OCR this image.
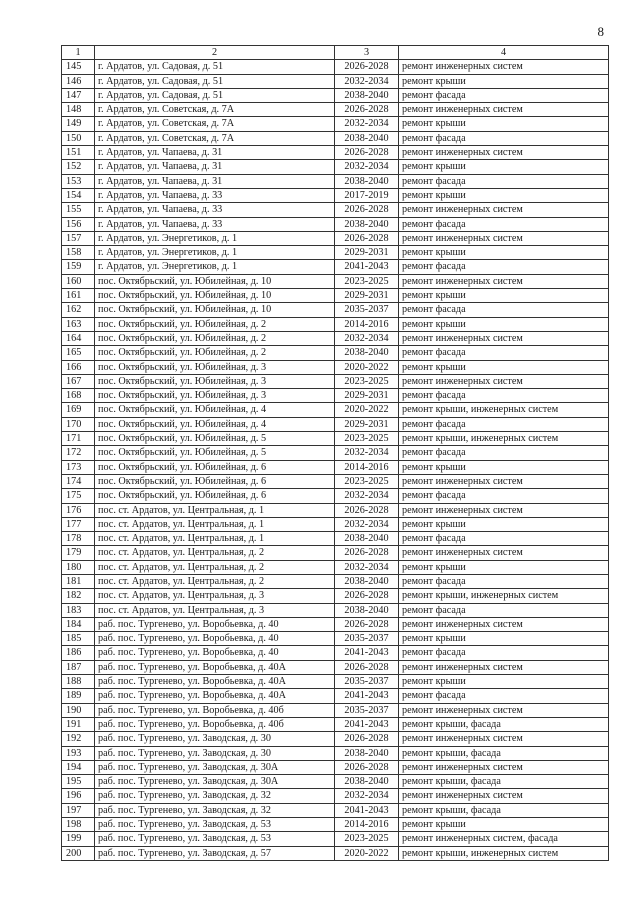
8
1	2	3	4
145	г. Ардатов, ул. Садовая, д. 51	2026-2028	ремонт инженерных систем
146	г. Ардатов, ул. Садовая, д. 51	2032-2034	ремонт крыши
147	г. Ардатов, ул. Садовая, д. 51	2038-2040	ремонт фасада
148	г. Ардатов, ул. Советская, д. 7А	2026-2028	ремонт инженерных систем
149	г. Ардатов, ул. Советская, д. 7А	2032-2034	ремонт крыши
150	г. Ардатов, ул. Советская, д. 7А	2038-2040	ремонт фасада
151	г. Ардатов, ул. Чапаева, д. 31	2026-2028	ремонт инженерных систем
152	г. Ардатов, ул. Чапаева, д. 31	2032-2034	ремонт крыши
153	г. Ардатов, ул. Чапаева, д. 31	2038-2040	ремонт фасада
154	г. Ардатов, ул. Чапаева, д. 33	2017-2019	ремонт крыши
155	г. Ардатов, ул. Чапаева, д. 33	2026-2028	ремонт инженерных систем
156	г. Ардатов, ул. Чапаева, д. 33	2038-2040	ремонт фасада
157	г. Ардатов, ул. Энергетиков, д. 1	2026-2028	ремонт инженерных систем
158	г. Ардатов, ул. Энергетиков, д. 1	2029-2031	ремонт крыши
159	г. Ардатов, ул. Энергетиков, д. 1	2041-2043	ремонт фасада
160	пос. Октябрьский, ул. Юбилейная, д. 10	2023-2025	ремонт инженерных систем
161	пос. Октябрьский, ул. Юбилейная, д. 10	2029-2031	ремонт крыши
162	пос. Октябрьский, ул. Юбилейная, д. 10	2035-2037	ремонт фасада
163	пос. Октябрьский, ул. Юбилейная, д. 2	2014-2016	ремонт крыши
164	пос. Октябрьский, ул. Юбилейная, д. 2	2032-2034	ремонт инженерных систем
165	пос. Октябрьский, ул. Юбилейная, д. 2	2038-2040	ремонт фасада
166	пос. Октябрьский, ул. Юбилейная, д. 3	2020-2022	ремонт крыши
167	пос. Октябрьский, ул. Юбилейная, д. 3	2023-2025	ремонт инженерных систем
168	пос. Октябрьский, ул. Юбилейная, д. 3	2029-2031	ремонт фасада
169	пос. Октябрьский, ул. Юбилейная, д. 4	2020-2022	ремонт крыши, инженерных систем
170	пос. Октябрьский, ул. Юбилейная, д. 4	2029-2031	ремонт фасада
171	пос. Октябрьский, ул. Юбилейная, д. 5	2023-2025	ремонт крыши, инженерных систем
172	пос. Октябрьский, ул. Юбилейная, д. 5	2032-2034	ремонт фасада
173	пос. Октябрьский, ул. Юбилейная, д. 6	2014-2016	ремонт крыши
174	пос. Октябрьский, ул. Юбилейная, д. 6	2023-2025	ремонт инженерных систем
175	пос. Октябрьский, ул. Юбилейная, д. 6	2032-2034	ремонт фасада
176	пос. ст. Ардатов, ул. Центральная, д. 1	2026-2028	ремонт инженерных систем
177	пос. ст. Ардатов, ул. Центральная, д. 1	2032-2034	ремонт крыши
178	пос. ст. Ардатов, ул. Центральная, д. 1	2038-2040	ремонт фасада
179	пос. ст. Ардатов, ул. Центральная, д. 2	2026-2028	ремонт инженерных систем
180	пос. ст. Ардатов, ул. Центральная, д. 2	2032-2034	ремонт крыши
181	пос. ст. Ардатов, ул. Центральная, д. 2	2038-2040	ремонт фасада
182	пос. ст. Ардатов, ул. Центральная, д. 3	2026-2028	ремонт крыши, инженерных систем
183	пос. ст. Ардатов, ул. Центральная, д. 3	2038-2040	ремонт фасада
184	раб. пос. Тургенево, ул. Воробьевка, д. 40	2026-2028	ремонт инженерных систем
185	раб. пос. Тургенево, ул. Воробьевка, д. 40	2035-2037	ремонт крыши
186	раб. пос. Тургенево, ул. Воробьевка, д. 40	2041-2043	ремонт фасада
187	раб. пос. Тургенево, ул. Воробьевка, д. 40А	2026-2028	ремонт инженерных систем
188	раб. пос. Тургенево, ул. Воробьевка, д. 40А	2035-2037	ремонт крыши
189	раб. пос. Тургенево, ул. Воробьевка, д. 40А	2041-2043	ремонт фасада
190	раб. пос. Тургенево, ул. Воробьевка, д. 40б	2035-2037	ремонт инженерных систем
191	раб. пос. Тургенево, ул. Воробьевка, д. 40б	2041-2043	ремонт крыши, фасада
192	раб. пос. Тургенево, ул. Заводская, д. 30	2026-2028	ремонт инженерных систем
193	раб. пос. Тургенево, ул. Заводская, д. 30	2038-2040	ремонт крыши, фасада
194	раб. пос. Тургенево, ул. Заводская, д. 30А	2026-2028	ремонт инженерных систем
195	раб. пос. Тургенево, ул. Заводская, д. 30А	2038-2040	ремонт крыши, фасада
196	раб. пос. Тургенево, ул. Заводская, д. 32	2032-2034	ремонт инженерных систем
197	раб. пос. Тургенево, ул. Заводская, д. 32	2041-2043	ремонт крыши, фасада
198	раб. пос. Тургенево, ул. Заводская, д. 53	2014-2016	ремонт крыши
199	раб. пос. Тургенево, ул. Заводская, д. 53	2023-2025	ремонт инженерных систем, фасада
200	раб. пос. Тургенево, ул. Заводская, д. 57	2020-2022	ремонт крыши, инженерных систем
